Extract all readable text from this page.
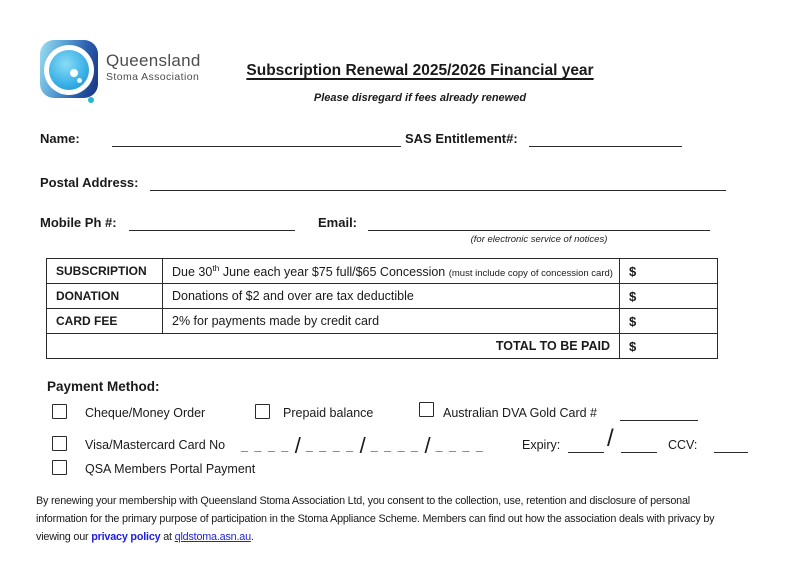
Queensland
Stoma Association	Subscription Renewal 2025/2026 Financial year
Please disregard if fees already renewed
Name:	SAS Entitlement#:
Postal Address:
Mobile Ph #:	Email:
(for electronic service of notices)
SUBSCRIPTION	Due 30th June each year $75 full/$65 Concession (must include copy of concession card)	$
DONATION	Donations of $2 and over are tax deductible	$
CARD FEE	2% for payments made by credit card	$
TOTAL TO BE PAID		$
Payment Method:
Cheque/Money Order	Prepaid balance	Australian DVA Gold Card #
Visa/Mastercard Card No _ _ _ _ / _ _ _ _ / _ _ _ _ / _ _ _ _	Expiry: /	CCV:
QSA Members Portal Payment

By renewing your membership with Queensland Stoma Association Ltd, you consent to the collection, use, retention and disclosure of personal information for the primary purpose of participation in the Stoma Appliance Scheme. Members can find out how the association deals with privacy by viewing our privacy policy at qldstoma.asn.au.
